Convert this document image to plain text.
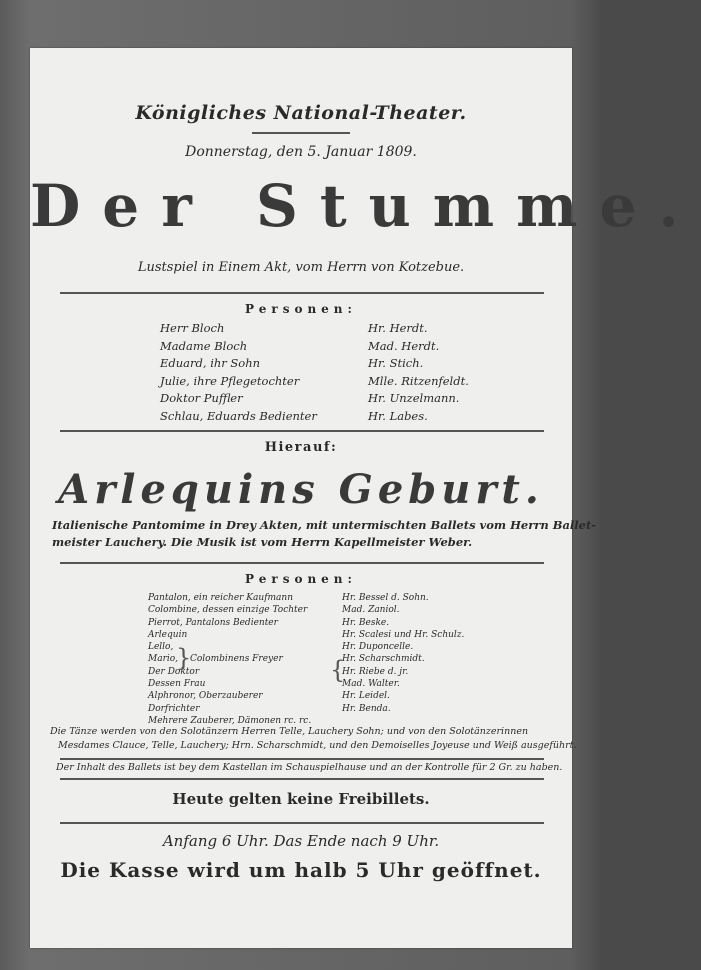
Königliches National-Theater.
Donnerstag, den 5. Januar 1809.
Der Stumme.
Lustspiel in Einem Akt, vom Herrn von Kotzebue.
Personen:
Herr Bloch
Madame Bloch
Eduard, ihr Sohn
Julie, ihre Pflegetochter
Doktor Puffler
Schlau, Eduards Bedienter
Hr. Herdt.
Mad. Herdt.
Hr. Stich.
Mlle. Ritzenfeldt.
Hr. Unzelmann.
Hr. Labes.
Hierauf:
Arlequins Geburt.
Italienische Pantomime in Drey Akten, mit untermischten Ballets vom Herrn Ballet-
meister Lauchery. Die Musik ist vom Herrn Kapellmeister Weber.
Personen:
Pantalon, ein reicher Kaufmann
Colombine, dessen einzige Tochter
Pierrot, Pantalons Bedienter
Arlequin
Lello,
Mario,
Der Doktor
Dessen Frau
Alphronor, Oberzauberer
Dorfrichter
Mehrere Zauberer, Dämonen rc. rc.
}
Colombinens Freyer {
Hr. Bessel d. Sohn.
Mad. Zaniol.
Hr. Beske.
Hr. Scalesi und Hr. Schulz.
Hr. Duponcelle.
Hr. Scharschmidt.
Hr. Riebe d. jr.
Mad. Walter.
Hr. Leidel.
Hr. Benda.
Die Tänze werden von den Solotänzern Herren Telle, Lauchery Sohn; und von den Solotänzerinnen
Mesdames Clauce, Telle, Lauchery; Hrn. Scharschmidt, und den Demoiselles Joyeuse und Weiß ausgeführt.
Der Inhalt des Ballets ist bey dem Kastellan im Schauspielhause und an der Kontrolle für 2 Gr. zu haben.
Heute gelten keine Freibillets.
Anfang 6 Uhr. Das Ende nach 9 Uhr.
Die Kasse wird um halb 5 Uhr geöffnet.
